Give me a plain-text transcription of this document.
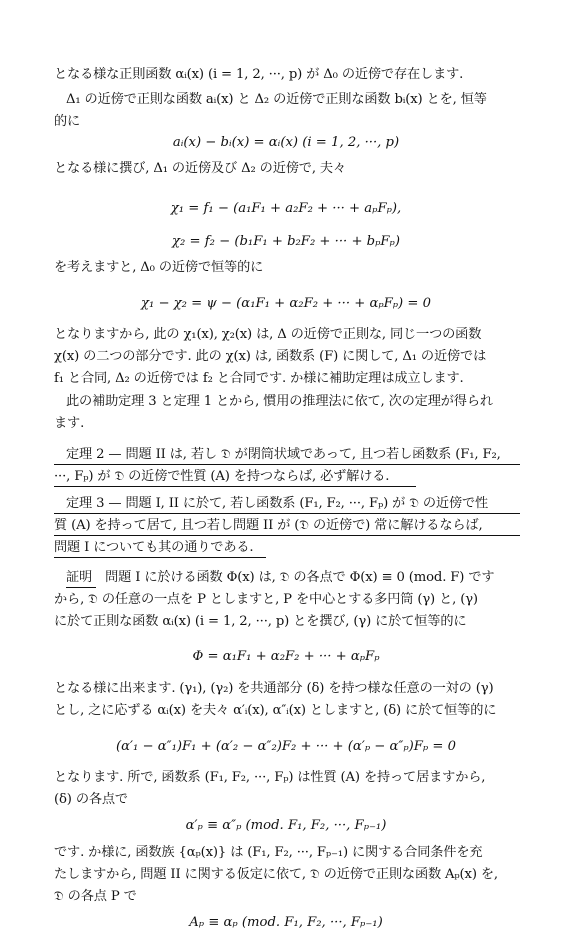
となる様な正則函数 αᵢ(x) (i = 1, 2, ···, p) が Δ₀ の近傍で存在します.
Δ₁ の近傍で正則な函数 aᵢ(x) と Δ₂ の近傍で正則な函数 bᵢ(x) とを, 恒等
的に
aᵢ(x) − bᵢ(x) = αᵢ(x) (i = 1, 2, ···, p)
となる様に撰び, Δ₁ の近傍及び Δ₂ の近傍で, 夫々
χ₁ = f₁ − (a₁F₁ + a₂F₂ + ··· + aₚFₚ),
χ₂ = f₂ − (b₁F₁ + b₂F₂ + ··· + bₚFₚ)
を考えますと, Δ₀ の近傍で恒等的に
χ₁ − χ₂ = ψ − (α₁F₁ + α₂F₂ + ··· + αₚFₚ) = 0
となりますから, 此の χ₁(x), χ₂(x) は, Δ の近傍で正則な, 同じ一つの函数
χ(x) の二つの部分です. 此の χ(x) は, 函数系 (F) に関して, Δ₁ の近傍では
f₁ と合同, Δ₂ の近傍では f₂ と合同です. か様に補助定理は成立します.
此の補助定理 3 と定理 1 とから, 慣用の推理法に依て, 次の定理が得られ
ます.
定理 2 — 問題 II は, 若し 𝔇 が閉筒状域であって, 且つ若し函数系 (F₁, F₂,
···, Fₚ) が 𝔇 の近傍で性質 (A) を持つならば, 必ず解ける.
定理 3 — 問題 I, II に於て, 若し函数系 (F₁, F₂, ···, Fₚ) が 𝔇 の近傍で性
質 (A) を持って居て, 且つ若し問題 II が (𝔇 の近傍で) 常に解けるならば,
問題 I についても其の通りである.
証明　問題 I に於ける函数 Φ(x) は, 𝔇 の各点で Φ(x) ≡ 0 (mod. F) です
から, 𝔇 の任意の一点を P としますと, P を中心とする多円筒 (γ) と, (γ)
に於て正則な函数 αᵢ(x) (i = 1, 2, ···, p) とを撰び, (γ) に於て恒等的に
Φ = α₁F₁ + α₂F₂ + ··· + αₚFₚ
となる様に出来ます. (γ₁), (γ₂) を共通部分 (δ) を持つ様な任意の一対の (γ)
とし, 之に応ずる αᵢ(x) を夫々 α′ᵢ(x), α″ᵢ(x) としますと, (δ) に於て恒等的に
(α′₁ − α″₁)F₁ + (α′₂ − α″₂)F₂ + ··· + (α′ₚ − α″ₚ)Fₚ = 0
となります. 所で, 函数系 (F₁, F₂, ···, Fₚ) は性質 (A) を持って居ますから,
(δ) の各点で
α′ₚ ≡ α″ₚ (mod. F₁, F₂, ···, Fₚ₋₁)
です. か様に, 函数族 {αₚ(x)} は (F₁, F₂, ···, Fₚ₋₁) に関する合同条件を充
たしますから, 問題 II に関する仮定に依て, 𝔇 の近傍で正則な函数 Aₚ(x) を,
𝔇 の各点 P で
Aₚ ≡ αₚ (mod. F₁, F₂, ···, Fₚ₋₁)
